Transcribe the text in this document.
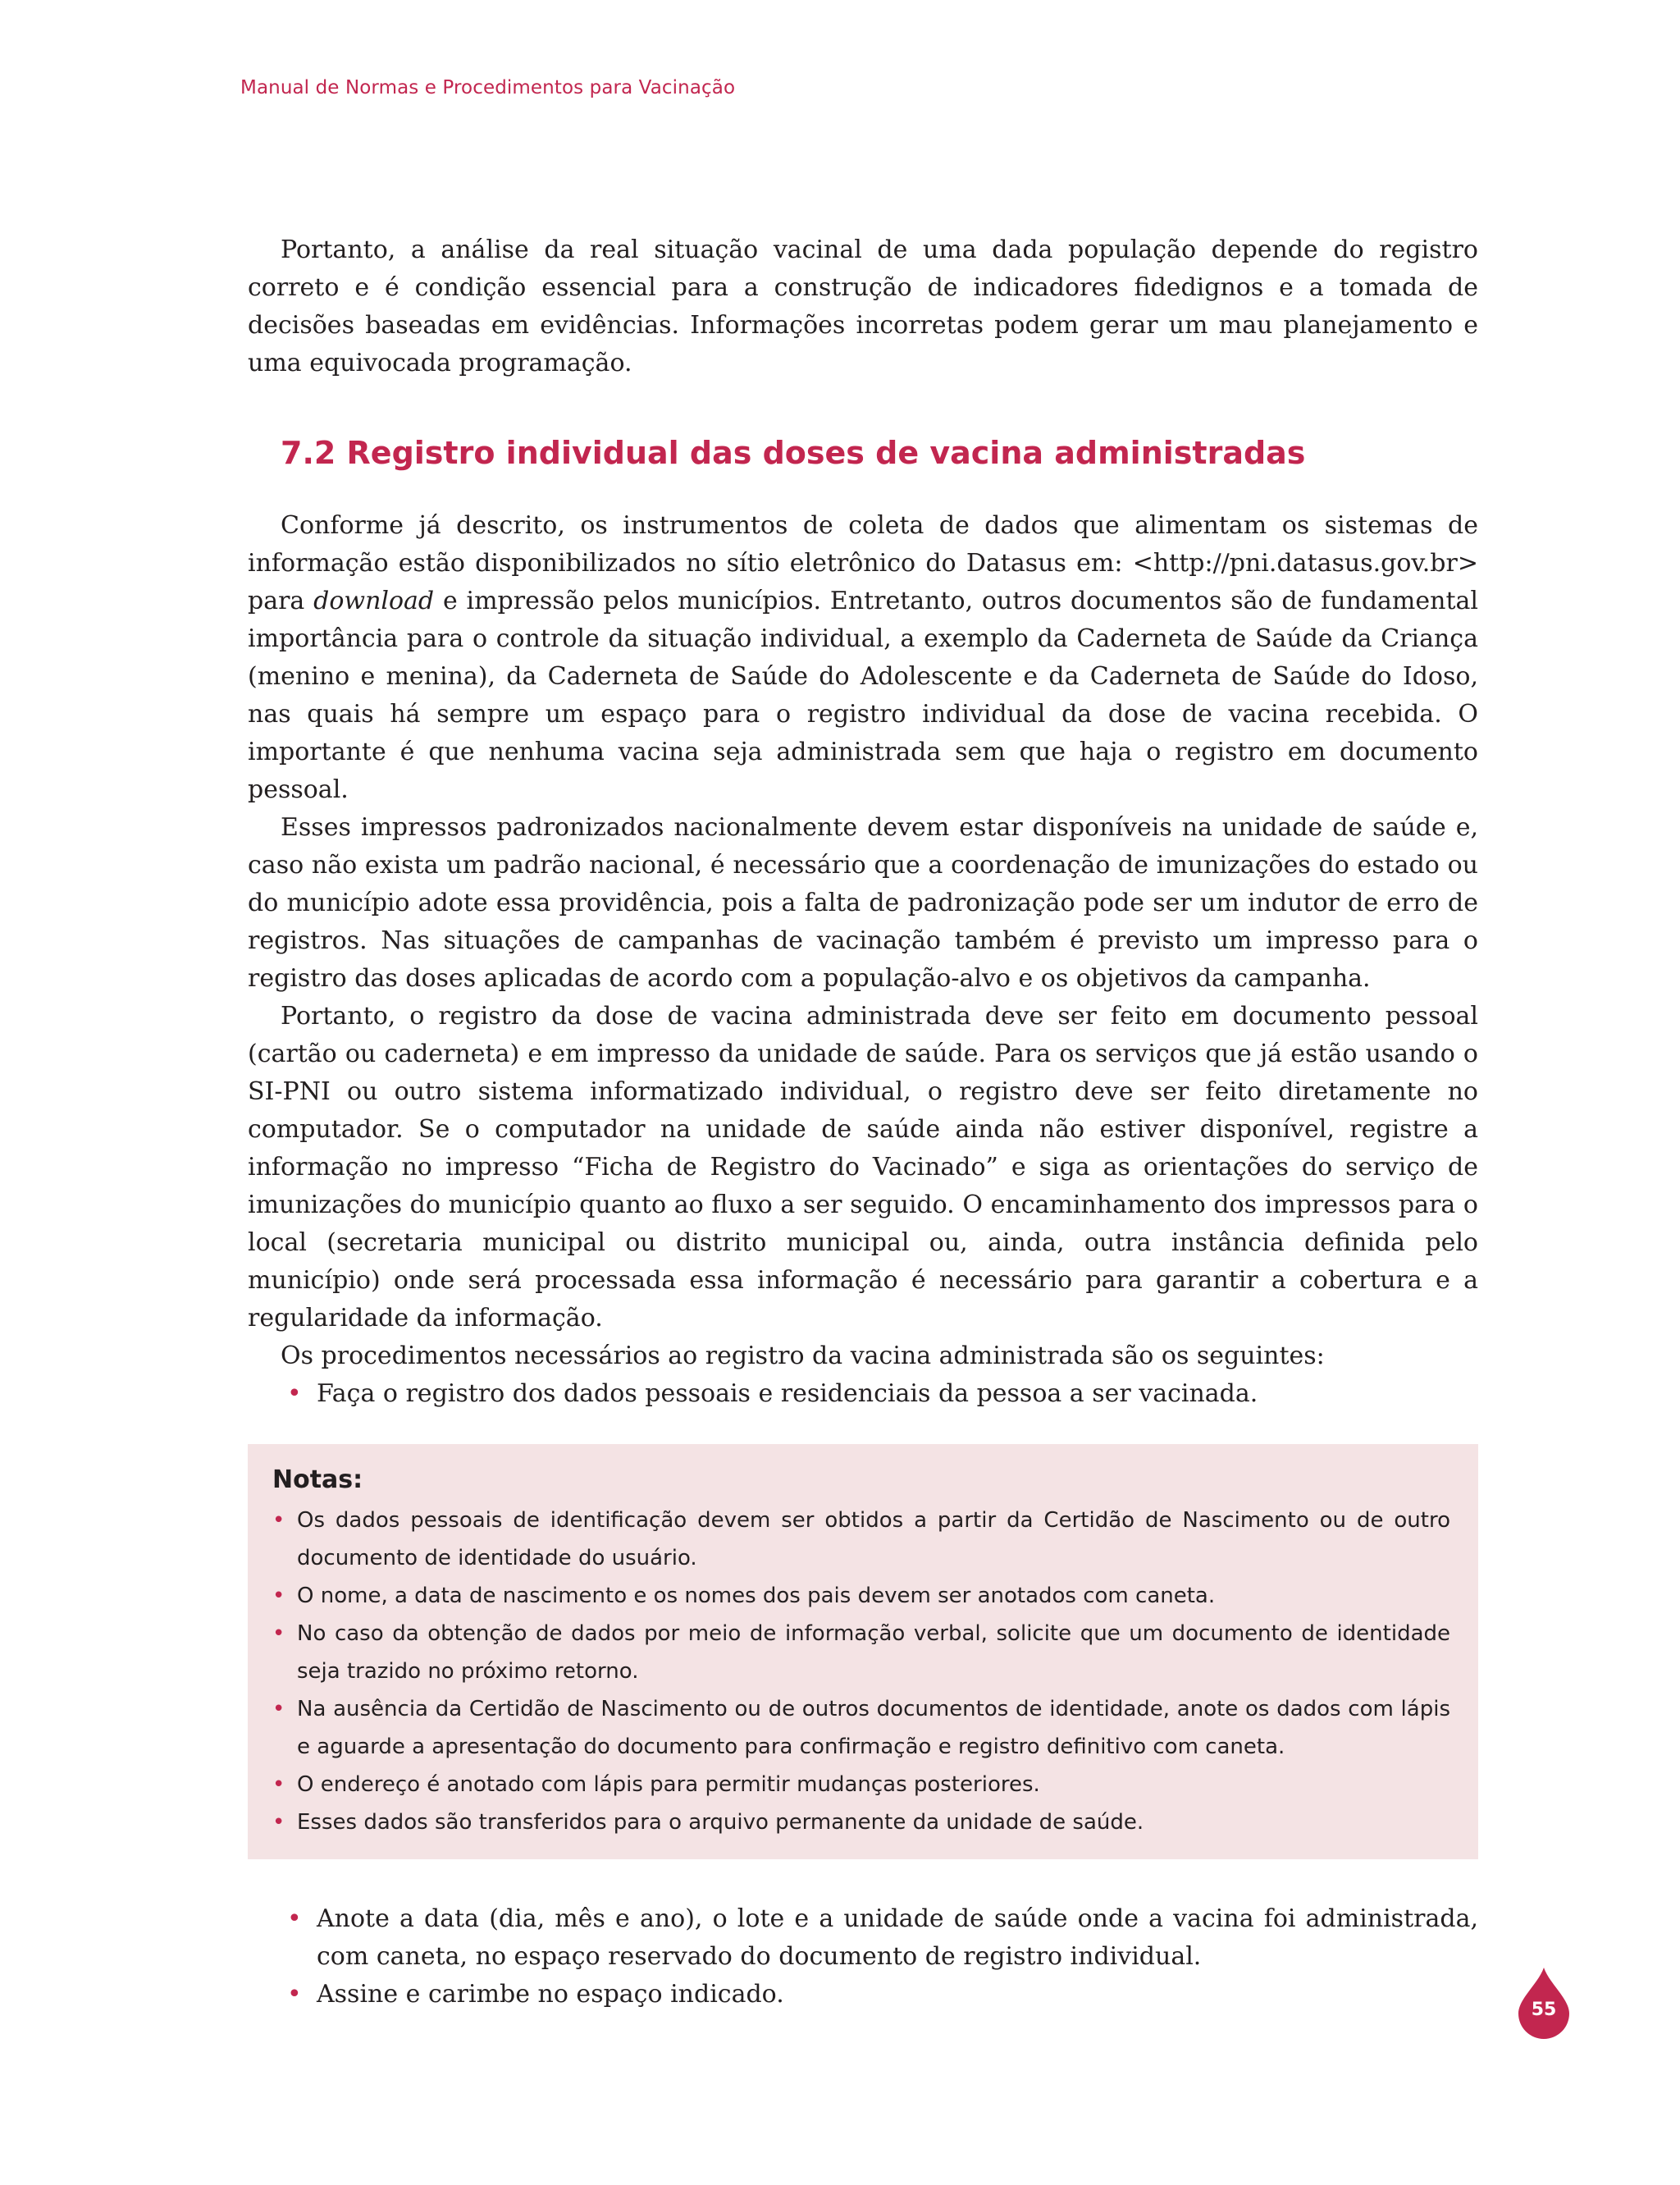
Manual de Normas e Procedimentos para Vacinação

Portanto, a análise da real situação vacinal de uma dada população depende do registro correto e é condição essencial para a construção de indicadores fidedignos e a tomada de decisões baseadas em evidências. Informações incorretas podem gerar um mau planejamento e uma equivocada programação.

7.2 Registro individual das doses de vacina administradas

Conforme já descrito, os instrumentos de coleta de dados que alimentam os sistemas de informação estão disponibilizados no sítio eletrônico do Datasus em: <http://pni.datasus.gov.br> para download e impressão pelos municípios. Entretanto, outros documentos são de fundamental importância para o controle da situação individual, a exemplo da Caderneta de Saúde da Criança (menino e menina), da Caderneta de Saúde do Adolescente e da Caderneta de Saúde do Idoso, nas quais há sempre um espaço para o registro individual da dose de vacina recebida. O importante é que nenhuma vacina seja administrada sem que haja o registro em documento pessoal.

Esses impressos padronizados nacionalmente devem estar disponíveis na unidade de saúde e, caso não exista um padrão nacional, é necessário que a coordenação de imunizações do estado ou do município adote essa providência, pois a falta de padronização pode ser um indutor de erro de registros. Nas situações de campanhas de vacinação também é previsto um impresso para o registro das doses aplicadas de acordo com a população-alvo e os objetivos da campanha.

Portanto, o registro da dose de vacina administrada deve ser feito em documento pessoal (cartão ou caderneta) e em impresso da unidade de saúde. Para os serviços que já estão usando o SI-PNI ou outro sistema informatizado individual, o registro deve ser feito diretamente no computador. Se o computador na unidade de saúde ainda não estiver disponível, registre a informação no impresso “Ficha de Registro do Vacinado” e siga as orientações do serviço de imunizações do município quanto ao fluxo a ser seguido. O encaminhamento dos impressos para o local (secretaria municipal ou distrito municipal ou, ainda, outra instância definida pelo município) onde será processada essa informação é necessário para garantir a cobertura e a regularidade da informação.

Os procedimentos necessários ao registro da vacina administrada são os seguintes:

• Faça o registro dos dados pessoais e residenciais da pessoa a ser vacinada.
Notas:
• Os dados pessoais de identificação devem ser obtidos a partir da Certidão de Nascimento ou de outro documento de identidade do usuário.
• O nome, a data de nascimento e os nomes dos pais devem ser anotados com caneta.
• No caso da obtenção de dados por meio de informação verbal, solicite que um documento de identidade seja trazido no próximo retorno.
• Na ausência da Certidão de Nascimento ou de outros documentos de identidade, anote os dados com lápis e aguarde a apresentação do documento para confirmação e registro definitivo com caneta.
• O endereço é anotado com lápis para permitir mudanças posteriores.
• Esses dados são transferidos para o arquivo permanente da unidade de saúde.
• Anote a data (dia, mês e ano), o lote e a unidade de saúde onde a vacina foi administrada, com caneta, no espaço reservado do documento de registro individual.
• Assine e carimbe no espaço indicado.
55
